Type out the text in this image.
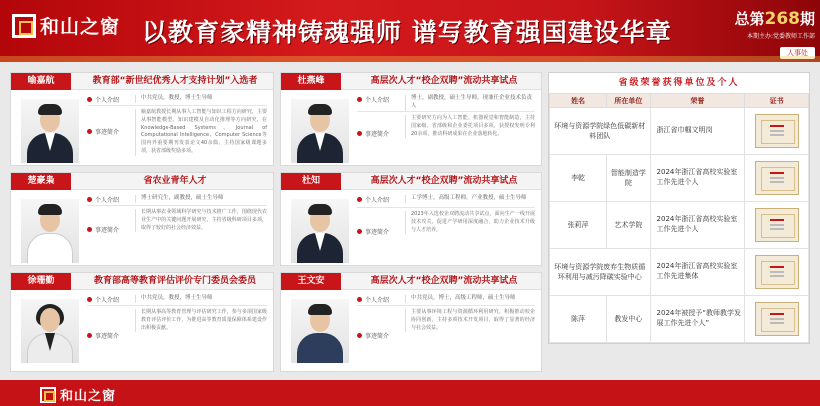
和山之窗 以教育家精神铸魂强师 谱写教育强国建设华章	总第268期
本期主办:党委教师工作部
人事处
喻嘉航	教育部“新世纪优秀人才支持计划”入选者
个人介绍	中共党员，教授，博士生导师
事迹简介
喻嘉航教授长期从事人工智能与知识工程方向研究，主要从事智能模型、知识建模及自动化推理等方向研究，在Knowledge-Based Systems、Journal of Computational Intelligence、Computer Science等国内外重要期刊发表论文40余篇，主持国家级课题多项，获省部级奖励多项。
杜燕峰	高层次人才“校企双聘”流动共享试点
个人介绍	博士，副教授，硕士生导师，现兼任企业技术负责人
事迹简介
主要研究方向为人工智能、机器视觉和智能制造，主持国家级、省部级和企业委托项目多项，获授权发明专利20余项，推动科研成果在企业落地转化。
楚豪枭	省农业青年人才
个人介绍	博士研究生，副教授，硕士生导师
事迹简介
长期从事农业领域科学研究与技术推广工作，围绕现代农业生产中的关键问题开展研究，主持省级科研项目多项，取得了较好的社会经济效益。
杜知	高层次人才“校企双聘”流动共享试点
个人介绍	工学博士，高级工程师，产业教授，硕士生导师
事迹简介
2023年入选校企双聘流动共享试点，面向生产一线开展技术攻关，促进产学研用深度融合，助力企业技术升级与人才培养。
徐珊勤	教育部高等教育评估评价专门委员会委员
个人介绍	中共党员，教授，博士生导师
事迹简介
长期从事高等教育管理与评估研究工作，参与多项国家级教育评估评价工作，为推进高等教育质量保障体系建设作出积极贡献。
王文安	高层次人才“校企双聘”流动共享试点
个人介绍	中共党员，博士，高级工程师，硕士生导师
事迹简介
主要从事环境工程与资源循环利用研究，积极推动校企协同创新，主持多项技术开发项目，取得了显著的经济与社会效益。
省级荣誉获得单位及个人
姓名	所在单位	荣誉	证书
环境与资源学院绿色低碳新材料团队		浙江省巾帼文明岗	

李乾	智能制造学院	2024年浙江省高校实验室工作先进个人	

张莉萍	艺术学院	2024年浙江省高校实验室工作先进个人	

环境与资源学院废弃生物质循环利用与减污降碳实验中心		2024年浙江省高校实验室工作先进集体	

陈萍	教发中心	2024年被授予“教师教学发展工作先进个人”	
和山之窗
